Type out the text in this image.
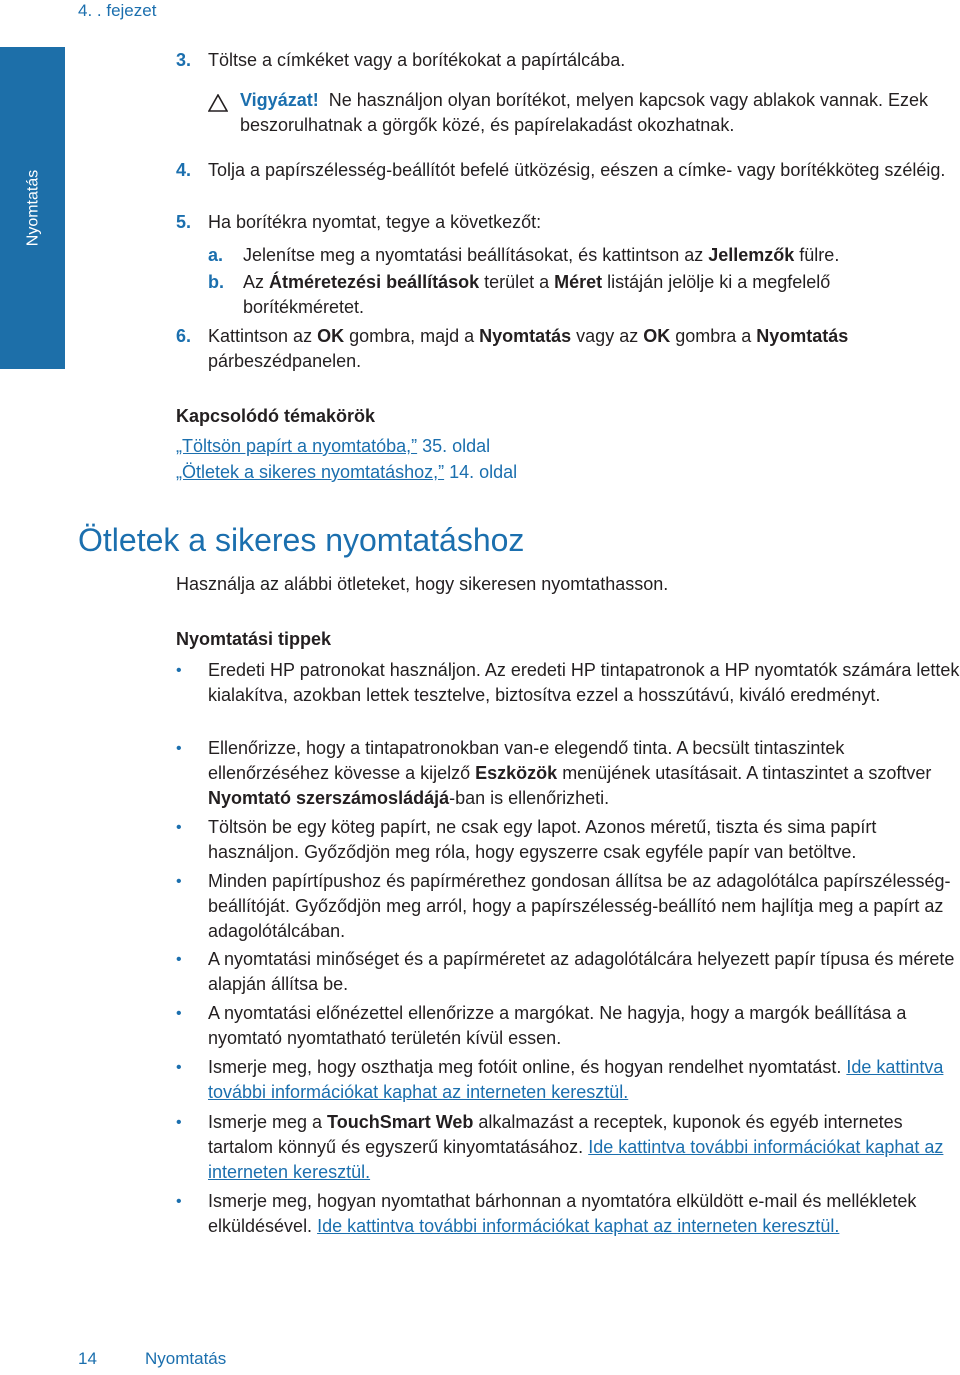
4. . fejezet
Nyomtatás
3. Töltse a címkéket vagy a borítékokat a papírtálcába.
Vigyázat! Ne használjon olyan borítékot, melyen kapcsok vagy ablakok vannak. Ezek beszorulhatnak a görgők közé, és papírelakadást okozhatnak.
4. Tolja a papírszélesség-beállítót befelé ütközésig, eészen a címke- vagy borítékköteg széléig.
5. Ha borítékra nyomtat, tegye a következőt:
a. Jelenítse meg a nyomtatási beállításokat, és kattintson az Jellemzők fülre.
b. Az Átméretezési beállítások terület a Méret listáján jelölje ki a megfelelő borítékméretet.
6. Kattintson az OK gombra, majd a Nyomtatás vagy az OK gombra a Nyomtatás párbeszédpanelen.
Kapcsolódó témakörök
„Töltsön papírt a nyomtatóba,” 35. oldal
„Ötletek a sikeres nyomtatáshoz,” 14. oldal
Ötletek a sikeres nyomtatáshoz
Használja az alábbi ötleteket, hogy sikeresen nyomtathasson.
Nyomtatási tippek
• Eredeti HP patronokat használjon. Az eredeti HP tintapatronok a HP nyomtatók számára lettek kialakítva, azokban lettek tesztelve, biztosítva ezzel a hosszútávú, kiváló eredményt.
• Ellenőrizze, hogy a tintapatronokban van-e elegendő tinta. A becsült tintaszintek ellenőrzéséhez kövesse a kijelző Eszközök menüjének utasításait. A tintaszintet a szoftver Nyomtató szerszámosládájá-ban is ellenőrizheti.
• Töltsön be egy köteg papírt, ne csak egy lapot. Azonos méretű, tiszta és sima papírt használjon. Győződjön meg róla, hogy egyszerre csak egyféle papír van betöltve.
• Minden papírtípushoz és papírmérethez gondosan állítsa be az adagolótálca papírszélesség-beállítóját. Győződjön meg arról, hogy a papírszélesség-beállító nem hajlítja meg a papírt az adagolótálcában.
• A nyomtatási minőséget és a papírméretet az adagolótálcára helyezett papír típusa és mérete alapján állítsa be.
• A nyomtatási előnézettel ellenőrizze a margókat. Ne hagyja, hogy a margók beállítása a nyomtató nyomtatható területén kívül essen.
• Ismerje meg, hogy oszthatja meg fotóit online, és hogyan rendelhet nyomtatást. Ide kattintva további információkat kaphat az interneten keresztül.
• Ismerje meg a TouchSmart Web alkalmazást a receptek, kuponok és egyéb internetes tartalom könnyű és egyszerű kinyomtatásához. Ide kattintva további információkat kaphat az interneten keresztül.
• Ismerje meg, hogyan nyomtathat bárhonnan a nyomtatóra elküldött e-mail és mellékletek elküldésével. Ide kattintva további információkat kaphat az interneten keresztül.
14	Nyomtatás
